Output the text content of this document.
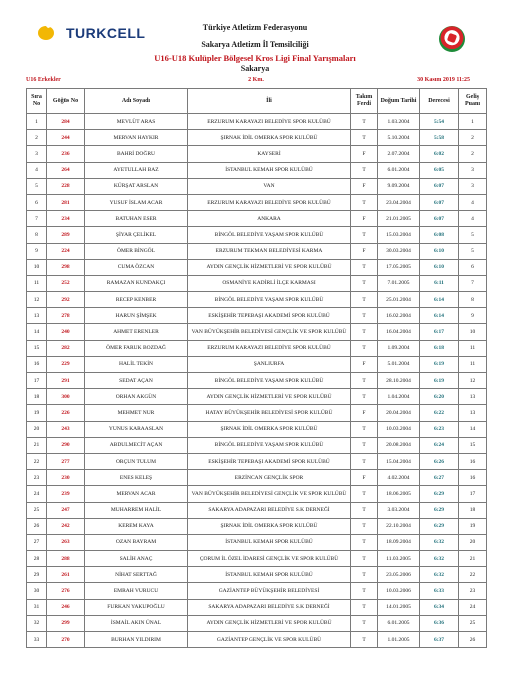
TURKCELL	Türkiye Atletizm Federasyonu
Sakarya Atletizm İl Temsilciliği
U16-U18 Kulüpler Bölgesel Kros Ligi Final Yarışmaları
Sakarya
U16 Erkekler	2 Km.	30 Kasım 2019 11:25
Sıra No	Göğüs No	Adı Soyadı	İli	Takım Ferdi	Doğum Tarihi	Derecesi	Geliş Puanı
1	284	MEVLÜT ARAS	ERZURUM KARAYAZI BELEDİYE SPOR KULÜBÜ	T	1.03.2004	5:54	1
2	244	MERVAN HAYKIR	ŞIRNAK İDİL OMERKA SPOR KULÜBÜ	T	5.10.2004	5:58	2
3	236	BAHRİ DOĞRU	KAYSERİ	F	2.07.2004	6:02	2
4	264	AYETULLAH BAZ	İSTANBUL KEMAH SPOR KULÜBÜ	T	6.01.2004	6:05	3
5	228	KÜRŞAT ARSLAN	VAN	F	9.09.2004	6:07	3
6	281	YUSUF İSLAM ACAR	ERZURUM KARAYAZI BELEDİYE SPOR KULÜBÜ	T	23.04.2004	6:07	4
7	234	BATUHAN ESER	ANKARA	F	21.01.2005	6:07	4
8	289	ŞİYAR ÇELİKEL	BİNGÖL BELEDİYE YAŞAM SPOR KULÜBÜ	T	15.03.2004	6:08	5
9	224	ÖMER BİNGÖL	ERZURUM TEKMAN BELEDİYESİ KARMA	F	30.03.2004	6:10	5
10	298	CUMA ÖZCAN	AYDIN GENÇLİK HİZMETLERİ VE SPOR KULÜBÜ	T	17.05.2005	6:10	6
11	252	RAMAZAN KUNDAKÇI	OSMANİYE KADİRLİ İLÇE KARMASI	T	7.01.2005	6:11	7
12	292	RECEP KENBER	BİNGÖL BELEDİYE YAŞAM SPOR KULÜBÜ	T	25.01.2004	6:14	8
13	278	HARUN ŞİMŞEK	ESKİŞEHİR TEPEBAŞI AKADEMİ SPOR KULÜBÜ	T	16.02.2004	6:14	9
14	240	AHMET ERENLER	VAN BÜYÜKŞEHİR BELEDİYESİ GENÇLİK VE SPOR KULÜBÜ	T	16.04.2004	6:17	10
15	282	ÖMER FARUK BOZDAĞ	ERZURUM KARAYAZI BELEDİYE SPOR KULÜBÜ	T	1.09.2004	6:18	11
16	229	HALİL TEKİN	ŞANLIURFA	F	5.01.2004	6:19	11
17	291	SEDAT AÇAN	BİNGÖL BELEDİYE YAŞAM SPOR KULÜBÜ	T	28.10.2004	6:19	12
18	300	ORHAN AKGÜN	AYDIN GENÇLİK HİZMETLERİ VE SPOR KULÜBÜ	T	1.04.2004	6:20	13
19	226	MEHMET NUR	HATAY BÜYÜKŞEHİR BELEDİYESİ SPOR KULÜBÜ	F	20.04.2004	6:22	13
20	243	YUNUS KARAASLAN	ŞIRNAK İDİL OMERKA SPOR KULÜBÜ	T	10.03.2004	6:23	14
21	290	ABDULMECİT AÇAN	BİNGÖL BELEDİYE YAŞAM SPOR KULÜBÜ	T	20.08.2004	6:24	15
22	277	ORÇUN TULUM	ESKİŞEHİR TEPEBAŞI AKADEMİ SPOR KULÜBÜ	T	15.04.2004	6:26	16
23	230	ENES KELEŞ	ERZİNCAN GENÇLİK SPOR	F	4.02.2004	6:27	16
24	239	MERVAN ACAR	VAN BÜYÜKŞEHİR BELEDİYESİ GENÇLİK VE SPOR KULÜBÜ	T	18.06.2005	6:29	17
25	247	MUHARREM HALİL	SAKARYA ADAPAZARI BELEDİYE S.K DERNEĞİ	T	3.03.2004	6:29	18
26	242	KEREM KAYA	ŞIRNAK İDİL OMERKA SPOR KULÜBÜ	T	22.10.2004	6:29	19
27	263	OZAN BAYRAM	İSTANBUL KEMAH SPOR KULÜBÜ	T	18.09.2004	6:32	20
28	288	SALİH ANAÇ	ÇORUM İL ÖZEL İDARESİ GENÇLİK VE SPOR KULÜBÜ	T	11.03.2005	6:32	21
29	261	NİHAT SERTTAĞ	İSTANBUL KEMAH SPOR KULÜBÜ	T	23.05.2006	6:32	22
30	276	EMRAH VURUCU	GAZİANTEP BÜYÜKŞEHİR BELEDİYESİ	T	10.03.2006	6:33	23
31	246	FURKAN YAKUPOĞLU	SAKARYA ADAPAZARI BELEDİYE S.K DERNEĞİ	T	14.01.2005	6:34	24
32	299	İSMAİL AKIN ÜNAL	AYDIN GENÇLİK HİZMETLERİ VE SPOR KULÜBÜ	T	6.01.2005	6:36	25
33	270	BURHAN YILDIRIM	GAZİANTEP GENÇLİK VE SPOR KULÜBÜ	T	1.01.2005	6:37	26
